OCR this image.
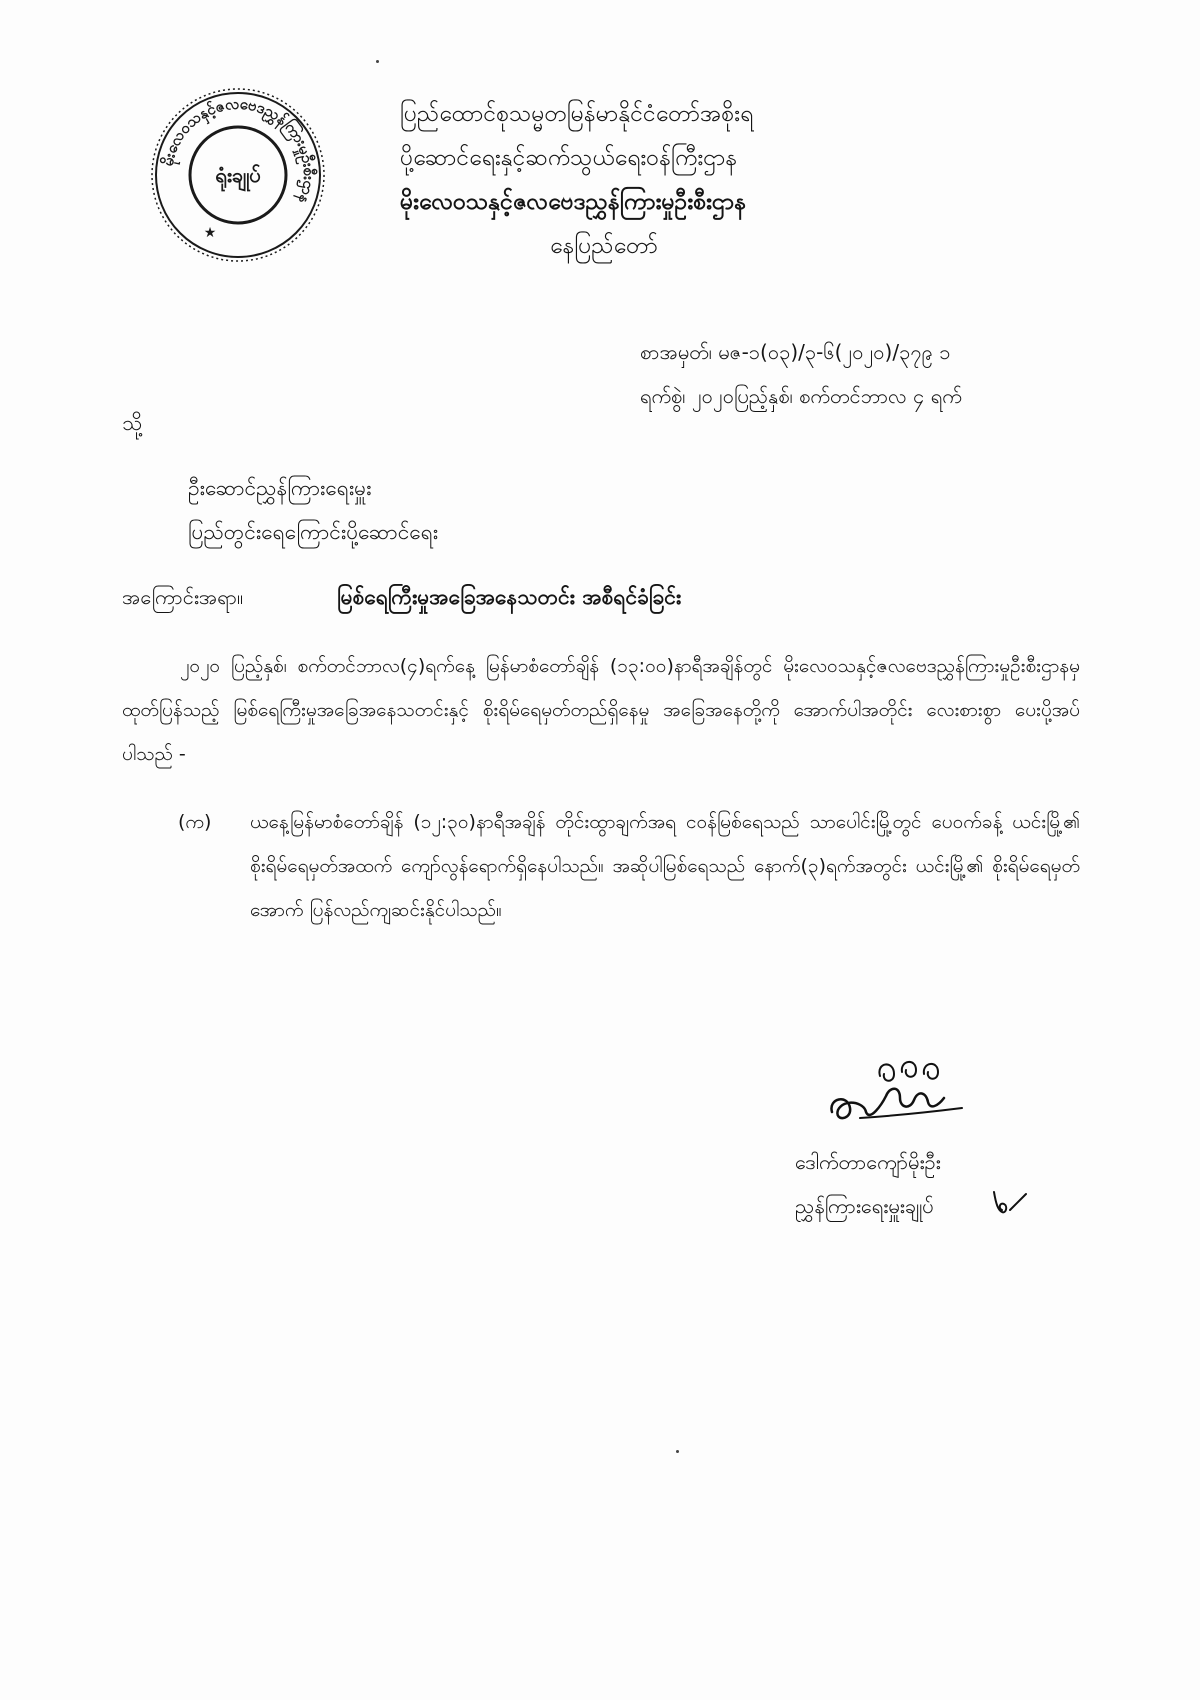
မိုးလေဝသနှင့်ဇလဗေဒညွှန်ကြားမှုဦးစီးဌာန
ရုံးချုပ်
★
ပြည်ထောင်စုသမ္မတမြန်မာနိုင်ငံတော်အစိုးရ
ပို့ဆောင်ရေးနှင့်ဆက်သွယ်ရေးဝန်ကြီးဌာန
မိုးလေဝသနှင့်ဇလဗေဒညွှန်ကြားမှုဦးစီးဌာန
နေပြည်တော်
စာအမှတ်၊ မဇ-၁(၀၃)/၃-၆(၂၀၂၀)/၃၇၉ ၁
ရက်စွဲ၊ ၂၀၂၀ပြည့်နှစ်၊ စက်တင်ဘာလ ၄ ရက်
သို့
ဦးဆောင်ညွှန်ကြားရေးမှူး
ပြည်တွင်းရေကြောင်းပို့ဆောင်ရေး
အကြောင်းအရာ။	မြစ်ရေကြီးမှုအခြေအနေသတင်း အစီရင်ခံခြင်း
၂၀၂၀ ပြည့်နှစ်၊ စက်တင်ဘာလ(၄)ရက်နေ့ မြန်မာစံတော်ချိန် (၁၃:၀၀)နာရီအချိန်တွင် မိုးလေဝသနှင့်ဇလဗေဒညွှန်ကြားမှုဦးစီးဌာနမှ ထုတ်ပြန်သည့် မြစ်ရေကြီးမှုအခြေအနေသတင်းနှင့် စိုးရိမ်ရေမှတ်တည်ရှိနေမှု အခြေအနေတို့ကို အောက်ပါအတိုင်း လေးစားစွာ ပေးပို့အပ်ပါသည် -
(က) ယနေ့မြန်မာစံတော်ချိန် (၁၂:၃၀)နာရီအချိန် တိုင်းထွာချက်အရ ငဝန်မြစ်ရေသည် သာပေါင်းမြို့တွင် ပေ၀က်ခန့် ယင်းမြို့၏ စိုးရိမ်ရေမှတ်အထက် ကျော်လွန်ရောက်ရှိနေပါသည်။ အဆိုပါမြစ်ရေသည် နောက်(၃)ရက်အတွင်း ယင်းမြို့၏ စိုးရိမ်ရေမှတ်အောက် ပြန်လည်ကျဆင်းနိုင်ပါသည်။
ဒေါက်တာကျော်မိုးဦး
ညွှန်ကြားရေးမှူးချုပ်
